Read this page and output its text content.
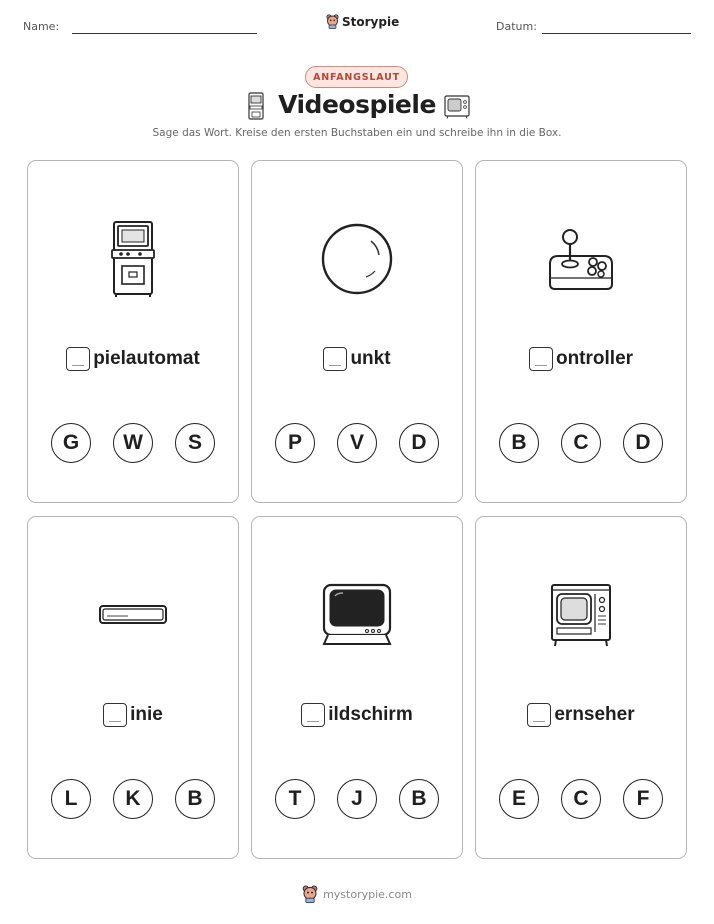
Name:	Storypie	Datum:
ANFANGSLAUT
Videospiele
Sage das Wort. Kreise den ersten Buchstaben ein und schreibe ihn in die Box.
pielautomat
G	W	S
unkt
P	V	D
ontroller
B	C	D
inie
L	K	B
ildschirm
T	J	B
ernseher
E	C	F
mystorypie.com
